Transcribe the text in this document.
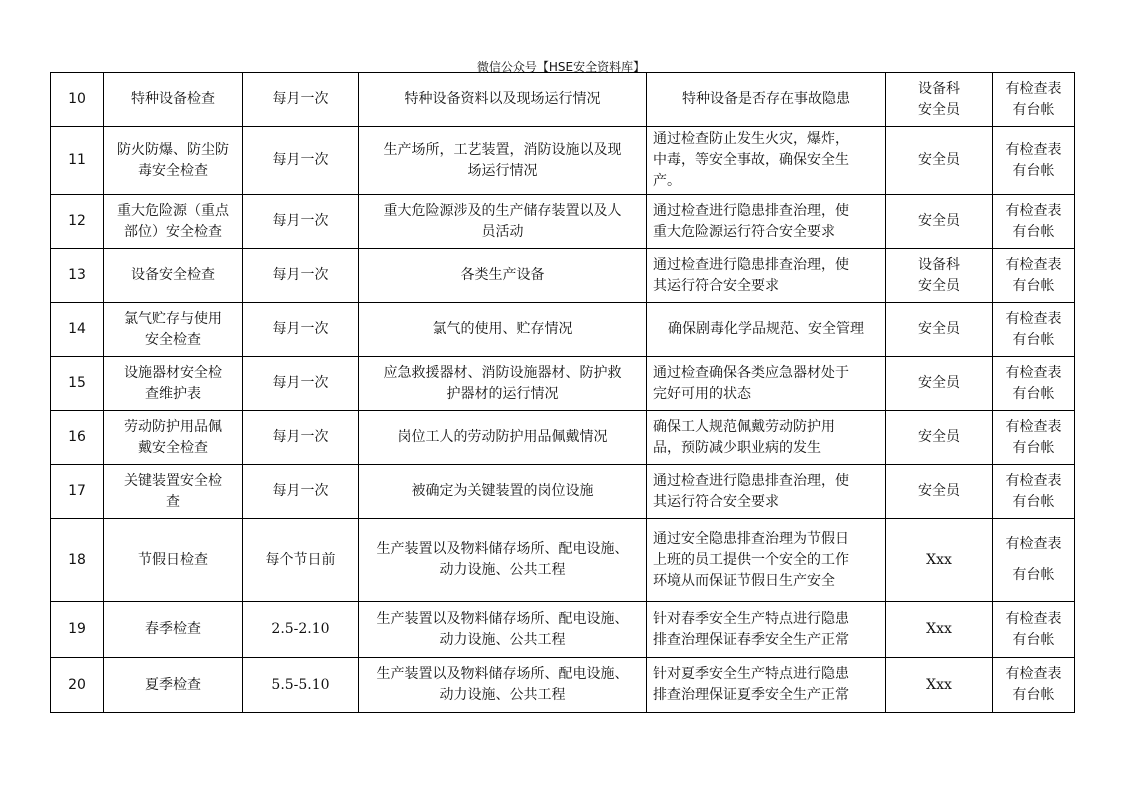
微信公众号【HSE安全资料库】
10	特种设备检查	每月一次	特种设备资料以及现场运行情况	特种设备是否存在事故隐患	设备科
安全员	有检查表
有台帐

11	防火防爆、防尘防
毒安全检查	每月一次	生产场所，工艺装置，消防设施以及现
场运行情况	通过检查防止发生火灾，爆炸，
中毒，等安全事故，确保安全生
产。	安全员	有检查表
有台帐

12	重大危险源（重点
部位）安全检查	每月一次	重大危险源涉及的生产储存装置以及人
员活动	通过检查进行隐患排查治理，使
重大危险源运行符合安全要求	安全员	有检查表
有台帐

13	设备安全检查	每月一次	各类生产设备	通过检查进行隐患排查治理，使
其运行符合安全要求	设备科
安全员	有检查表
有台帐

14	氯气贮存与使用
安全检查	每月一次	氯气的使用、贮存情况	确保剧毒化学品规范、安全管理	安全员	有检查表
有台帐

15	设施器材安全检
查维护表	每月一次	应急救援器材、消防设施器材、防护救
护器材的运行情况	通过检查确保各类应急器材处于
完好可用的状态	安全员	有检查表
有台帐

16	劳动防护用品佩
戴安全检查	每月一次	岗位工人的劳动防护用品佩戴情况	确保工人规范佩戴劳动防护用
品，预防减少职业病的发生	安全员	有检查表
有台帐

17	关键装置安全检
查	每月一次	被确定为关键装置的岗位设施	通过检查进行隐患排查治理，使
其运行符合安全要求	安全员	有检查表
有台帐

18	节假日检查	每个节日前	生产装置以及物料储存场所、配电设施、
动力设施、公共工程	通过安全隐患排查治理为节假日
上班的员工提供一个安全的工作
环境从而保证节假日生产安全	Xxx	有检查表
有台帐

19	春季检查	2.5-2.10	生产装置以及物料储存场所、配电设施、
动力设施、公共工程	针对春季安全生产特点进行隐患
排查治理保证春季安全生产正常	Xxx	有检查表
有台帐

20	夏季检查	5.5-5.10	生产装置以及物料储存场所、配电设施、
动力设施、公共工程	针对夏季安全生产特点进行隐患
排查治理保证夏季安全生产正常	Xxx	有检查表
有台帐
